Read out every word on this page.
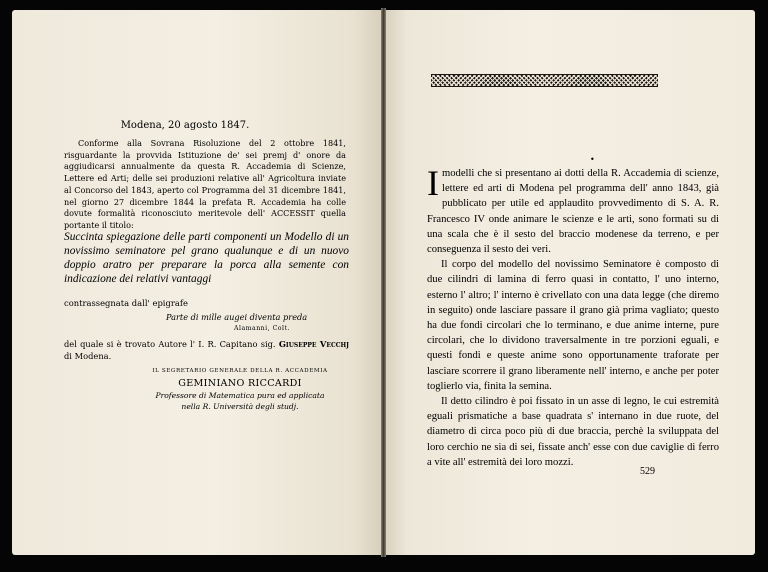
Modena, 20 agosto 1847.

Conforme alla Sovrana Risoluzione del 2 ottobre 1841, risguardante la provvida Istituzione de' sei premj d' onore da aggiudicarsi annualmente da questa R. Accademia di Scienze, Lettere ed Arti; delle sei produzioni relative all' Agricoltura inviate al Concorso del 1843, aperto col Programma del 31 dicembre 1841, nel giorno 27 dicembre 1844 la prefata R. Accademia ha colle dovute formalità riconosciuto meritevole dell' ACCESSIT quella portante il titolo:

Succinta spiegazione delle parti componenti un Modello di un novissimo seminatore pel grano qualunque e di un nuovo doppio aratro per preparare la porca alla semente con indicazione dei relativi vantaggi
contrassegnata dall' epigrafe
Parte di mille augei diventa preda
Alamanni, Colt.
del quale si è trovato Autore l' I. R. Capitano sig. Giuseppe Vecchj di Modena.
IL SEGRETARIO GENERALE DELLA R. ACCADEMIA
GEMINIANO RICCARDI
Professore di Matematica pura ed applicata
nella R. Università degli studj.
•

Imodelli che si presentano ai dotti della R. Accademia di scienze, lettere ed arti di Modena pel programma dell' anno 1843, già pubblicato per utile ed applaudito provvedimento di S. A. R. Francesco IV onde animare le scienze e le arti, sono formati su di una scala che è il sesto del braccio modenese da terreno, e per conseguenza il sesto dei veri.

Il corpo del modello del novissimo Seminatore è composto di due cilindri di lamina di ferro quasi in contatto, l' uno interno, esterno l' altro; l' interno è crivellato con una data legge (che diremo in seguito) onde lasciare passare il grano già prima vagliato; questo ha due fondi circolari che lo terminano, e due anime interne, pure circolari, che lo dividono traversalmente in tre porzioni eguali, e questi fondi e queste anime sono opportunamente traforate per lasciare scorrere il grano liberamente nell' interno, e anche per poter toglierlo via, finita la semina.

Il detto cilindro è poi fissato in un asse di legno, le cui estremità eguali prismatiche a base quadrata s' internano in due ruote, del diametro di circa poco più di due braccia, perchè la sviluppata del loro cerchio ne sia di sei, fissate anch' esse con due caviglie di ferro a vite all' estremità dei loro mozzi.

529
